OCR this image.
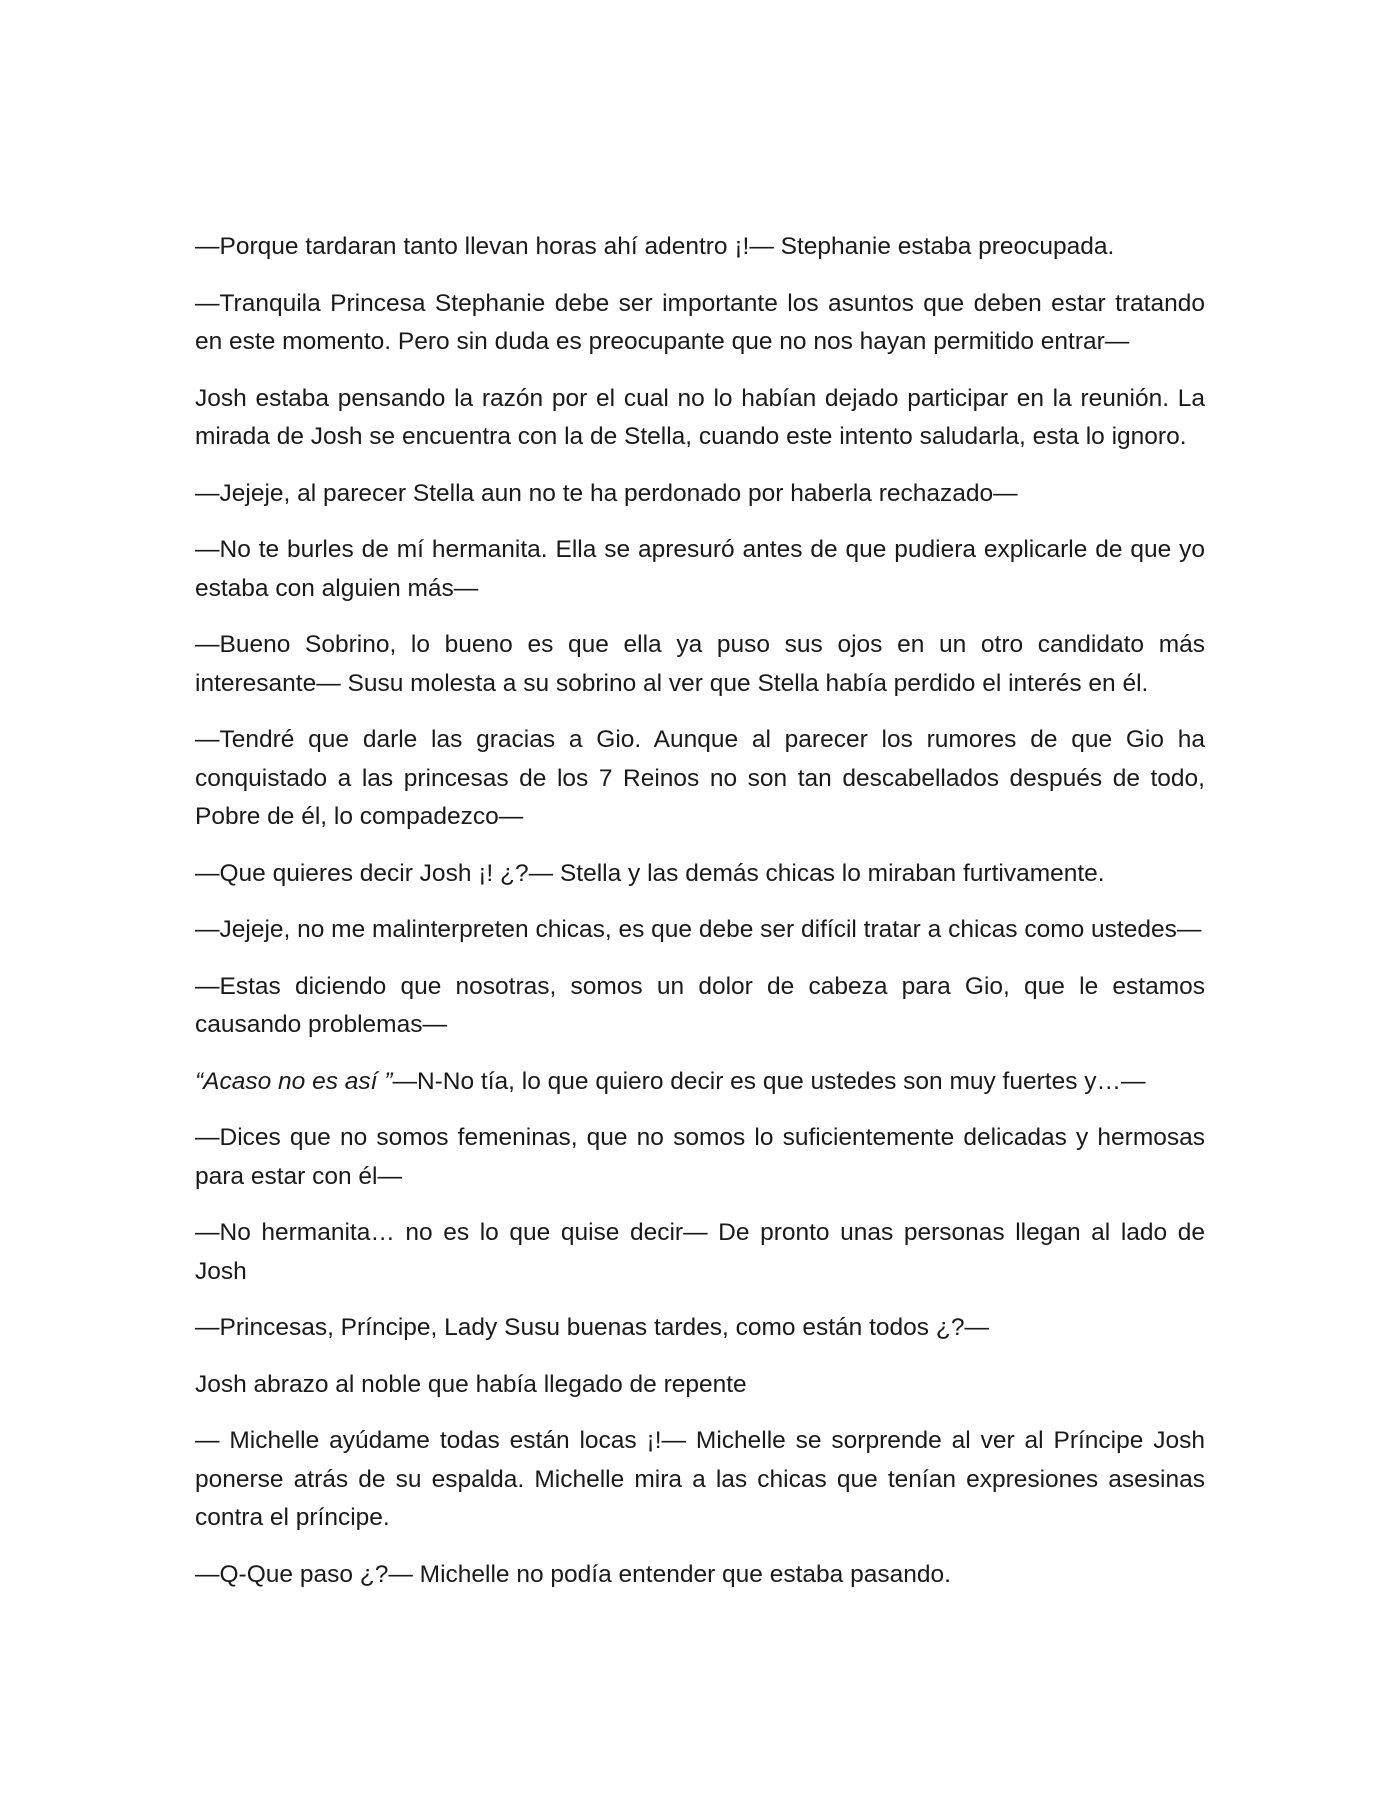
—Porque tardaran tanto llevan horas ahí adentro ¡!— Stephanie estaba preocupada.

—Tranquila Princesa Stephanie debe ser importante los asuntos que deben estar tratando en este momento. Pero sin duda es preocupante que no nos hayan permitido entrar—

Josh estaba pensando la razón por el cual no lo habían dejado participar en la reunión. La mirada de Josh se encuentra con la de Stella, cuando este intento saludarla, esta lo ignoro.

—Jejeje, al parecer Stella aun no te ha perdonado por haberla rechazado—

—No te burles de mí hermanita. Ella se apresuró antes de que pudiera explicarle de que yo estaba con alguien más—

—Bueno Sobrino, lo bueno es que ella ya puso sus ojos en un otro candidato más interesante— Susu molesta a su sobrino al ver que Stella había perdido el interés en él.

—Tendré que darle las gracias a Gio. Aunque al parecer los rumores de que Gio ha conquistado a las princesas de los 7 Reinos no son tan descabellados después de todo, Pobre de él, lo compadezco—

—Que quieres decir Josh ¡! ¿?— Stella y las demás chicas lo miraban furtivamente.

—Jejeje, no me malinterpreten chicas, es que debe ser difícil tratar a chicas como ustedes—

—Estas diciendo que nosotras, somos un dolor de cabeza para Gio, que le estamos causando problemas—

“Acaso no es así ”—N-No tía, lo que quiero decir es que ustedes son muy fuertes y…—

—Dices que no somos femeninas, que no somos lo suficientemente delicadas y hermosas para estar con él—

—No hermanita… no es lo que quise decir— De pronto unas personas llegan al lado de Josh

—Princesas, Príncipe, Lady Susu buenas tardes, como están todos ¿?—

Josh abrazo al noble que había llegado de repente

— Michelle ayúdame todas están locas ¡!— Michelle se sorprende al ver al Príncipe Josh ponerse atrás de su espalda. Michelle mira a las chicas que tenían expresiones asesinas contra el príncipe.

—Q-Que paso ¿?— Michelle no podía entender que estaba pasando.
